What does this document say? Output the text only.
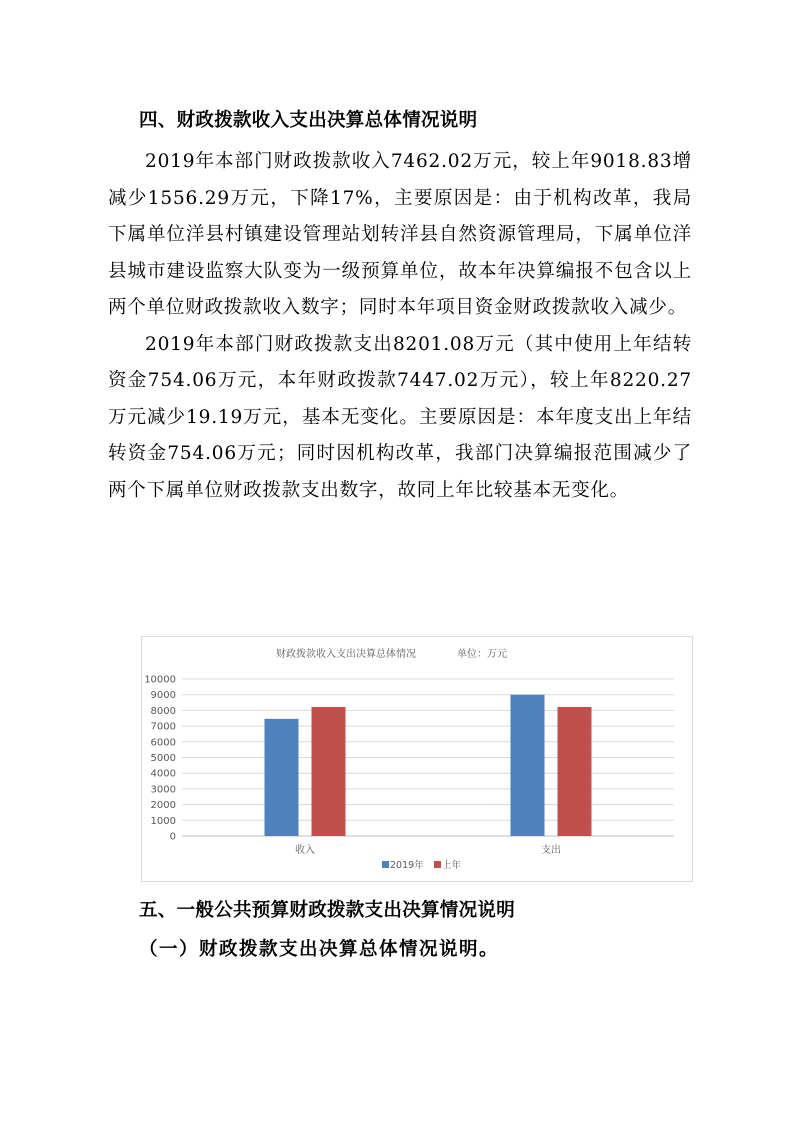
四、财政拨款收入支出决算总体情况说明

2019年本部门财政拨款收入7462.02万元，较上年9018.83增减少1556.29万元，下降17%，主要原因是：由于机构改革，我局下属单位洋县村镇建设管理站划转洋县自然资源管理局，下属单位洋县城市建设监察大队变为一级预算单位，故本年决算编报不包含以上两个单位财政拨款收入数字；同时本年项目资金财政拨款收入减少。

2019年本部门财政拨款支出8201.08万元（其中使用上年结转资金754.06万元，本年财政拨款7447.02万元），较上年8220.27万元减少19.19万元，基本无变化。主要原因是：本年度支出上年结转资金754.06万元；同时因机构改革，我部门决算编报范围减少了两个下属单位财政拨款支出数字，故同上年比较基本无变化。

财政拨款收入支出决算总体情况	单位：万元
0
1000
2000
3000
4000
5000
6000
7000
8000
9000
10000
收入	支出
2019年 上年
五、一般公共预算财政拨款支出决算情况说明
（一）财政拨款支出决算总体情况说明。
